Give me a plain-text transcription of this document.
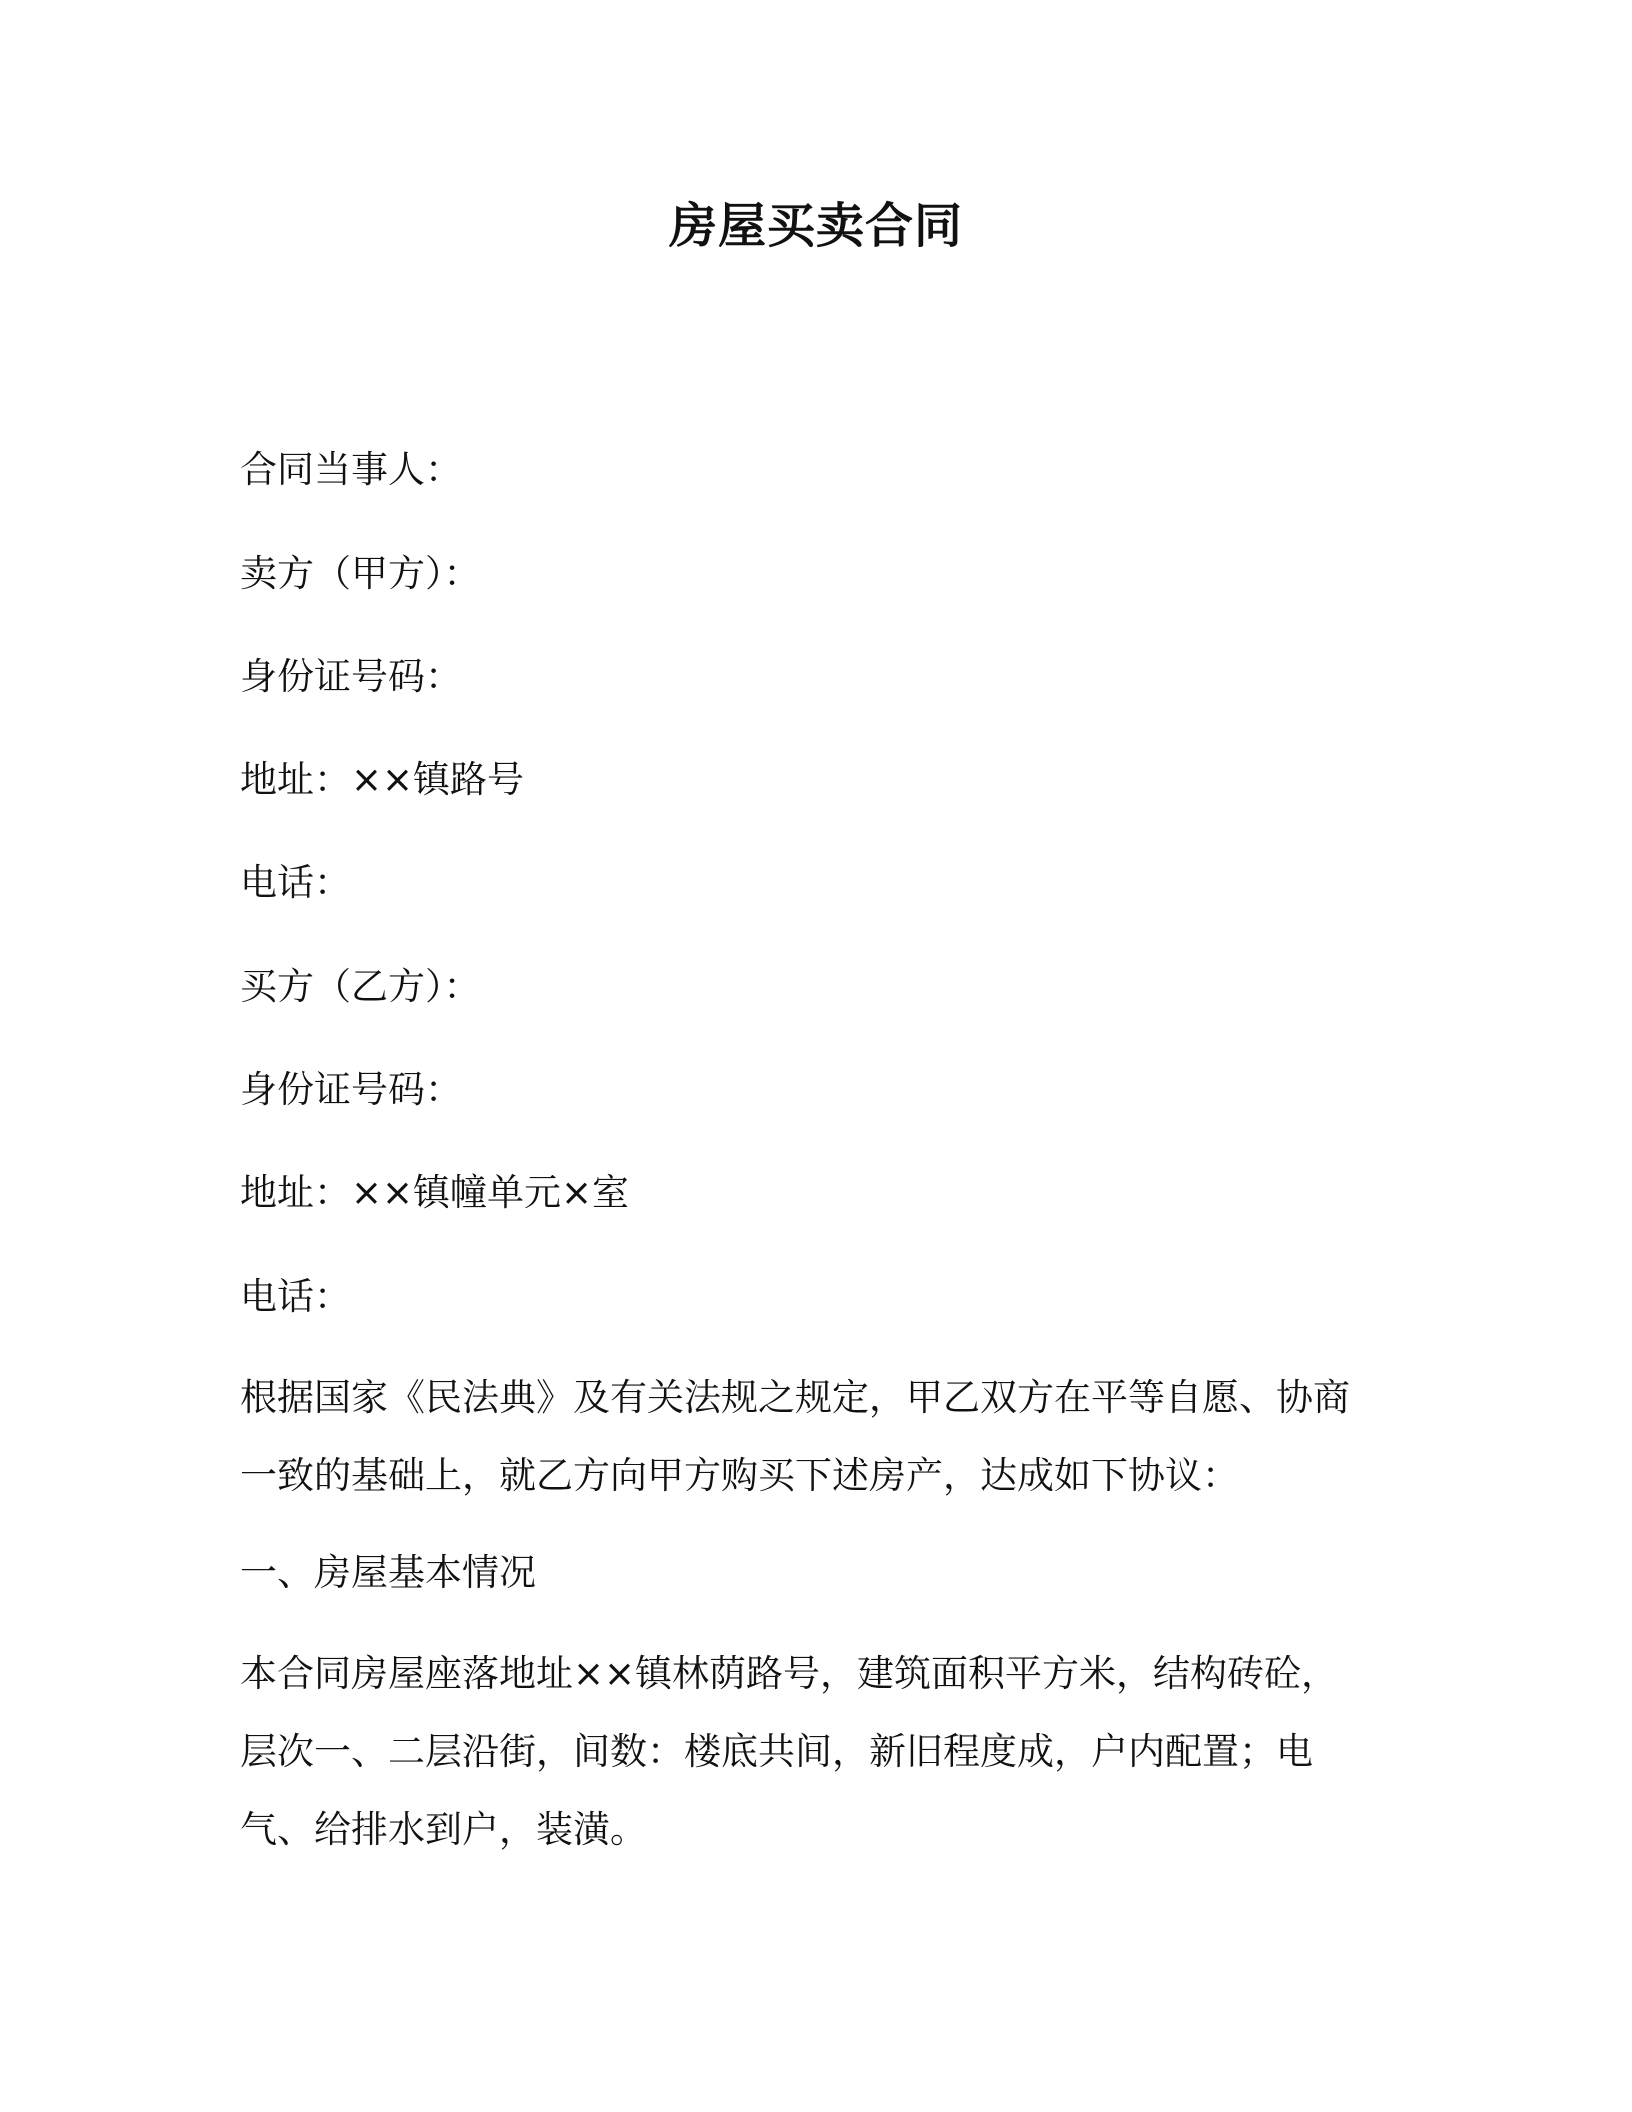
房屋买卖合同

合同当事人：

卖方（甲方）：

身份证号码：

地址：××镇路号

电话：

买方（乙方）：

身份证号码：

地址：××镇幢单元×室

电话：

根据国家《民法典》及有关法规之规定，甲乙双方在平等自愿、协商
一致的基础上，就乙方向甲方购买下述房产，达成如下协议：

一、房屋基本情况

本合同房屋座落地址××镇林荫路号，建筑面积平方米，结构砖砼，
层次一、二层沿街，间数：楼底共间，新旧程度成，户内配置；电
气、给排水到户，装潢。
